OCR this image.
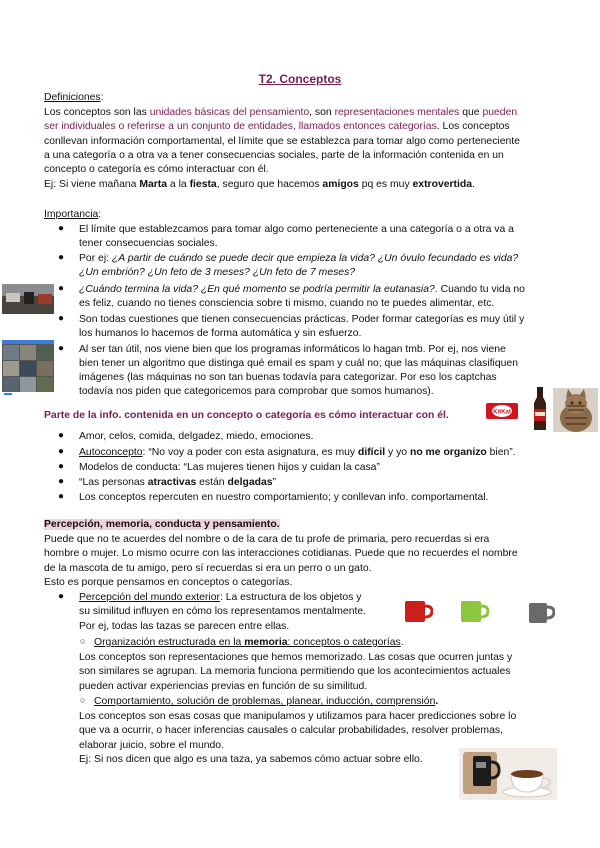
T2. Conceptos
Definiciones:
Los conceptos son las unidades básicas del pensamiento, son representaciones mentales que pueden
ser individuales o referirse a un conjunto de entidades, llamados entonces categorías. Los conceptos
conllevan información comportamental, el límite que se establezca para tomar algo como perteneciente
a una categoría o a otra va a tener consecuencias sociales, parte de la información contenida en un
concepto o categoría es cómo interactuar con él.
Ej: Si viene mañana Marta a la fiesta, seguro que hacemos amigos pq es muy extrovertida.
Importancia:
● El límite que establezcamos para tomar algo como perteneciente a una categoría o a otra va a
tener consecuencias sociales.
● Por ej: ¿A partir de cuándo se puede decir que empieza la vida? ¿Un óvulo fecundado es vida?
¿Un embrión? ¿Un feto de 3 meses? ¿Un feto de 7 meses?
● ¿Cuándo termina la vida? ¿En qué momento se podría permitir la eutanasia?. Cuando tu vida no
es feliz, cuando no tienes consciencia sobre ti mismo, cuando no te puedes alimentar, etc.
● Son todas cuestiones que tienen consecuencias prácticas. Poder formar categorías es muy útil y
los humanos lo hacemos de forma automática y sin esfuerzo.
● Al ser tan útil, nos viene bien que los programas informáticos lo hagan tmb. Por ej, nos viene
bien tener un algoritmo que distinga qué email es spam y cuál no; que las máquinas clasifiquen
imágenes (las máquinas no son tan buenas todavía para categorizar. Por eso los captchas
todavía nos piden que categoricemos para comprobar que somos humanos).
Parte de la info. contenida en un concepto o categoría es cómo interactuar con él.	KitKat
● Amor, celos, comida, delgadez, miedo, emociones.
● Autoconcepto: “No voy a poder con esta asignatura, es muy difícil y yo no me organizo bien”.
● Modelos de conducta: “Las mujeres tienen hijos y cuidan la casa”
● “Las personas atractivas están delgadas”
● Los conceptos repercuten en nuestro comportamiento; y conllevan info. comportamental.
Percepción, memoria, conducta y pensamiento.
Puede que no te acuerdes del nombre o de la cara de tu profe de primaria, pero recuerdas si era
hombre o mujer. Lo mismo ocurre con las interacciones cotidianas. Puede que no recuerdes el nombre
de la mascota de tu amigo, pero sí recuerdas si era un perro o un gato.
Esto es porque pensamos en conceptos o categorías.
● Percepción del mundo exterior: La estructura de los objetos y
su similitud influyen en cómo los representamos mentalmente.
Por ej, todas las tazas se parecen entre ellas.
○ Organización estructurada en la memoria: conceptos o categorías.
Los conceptos son representaciones que hemos memorizado. Las cosas que ocurren juntas y
son similares se agrupan. La memoria funciona permitiendo que los acontecimientos actuales
pueden activar experiencias previas en función de su similitud.
○ Comportamiento, solución de problemas, planear, inducción, comprensión.
Los conceptos son esas cosas que manipulamos y utilizamos para hacer predicciones sobre lo
que va a ocurrir, o hacer inferencias causales o calcular probabilidades, resolver problemas,
elaborar juicio, sobre el mundo.
Ej: Si nos dicen que algo es una taza, ya sabemos cómo actuar sobre ello.
